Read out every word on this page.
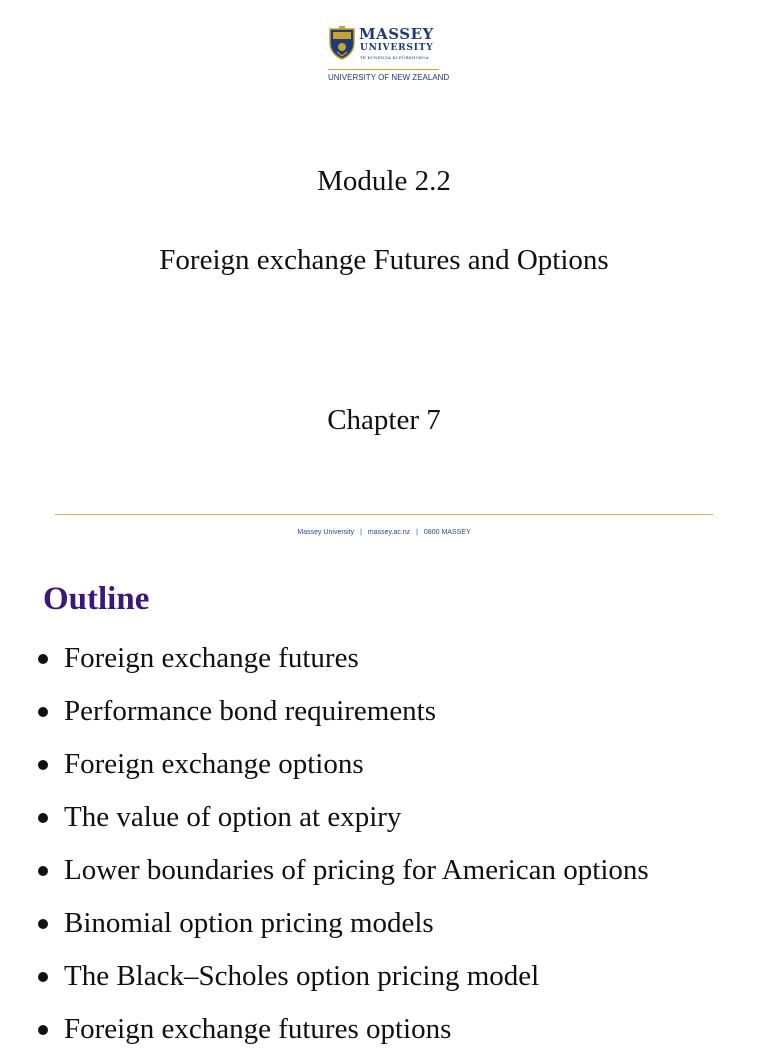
MASSEY
UNIVERSITY
TE KUNENGA KI PŪREHUROA
UNIVERSITY OF NEW ZEALAND
Module 2.2
Foreign exchange Futures and Options
Chapter 7
Massey University | massey.ac.nz | 0800 MASSEY
Outline
Foreign exchange futures
Performance bond requirements
Foreign exchange options
The value of option at expiry
Lower boundaries of pricing for American options
Binomial option pricing models
The Black–Scholes option pricing model
Foreign exchange futures options
